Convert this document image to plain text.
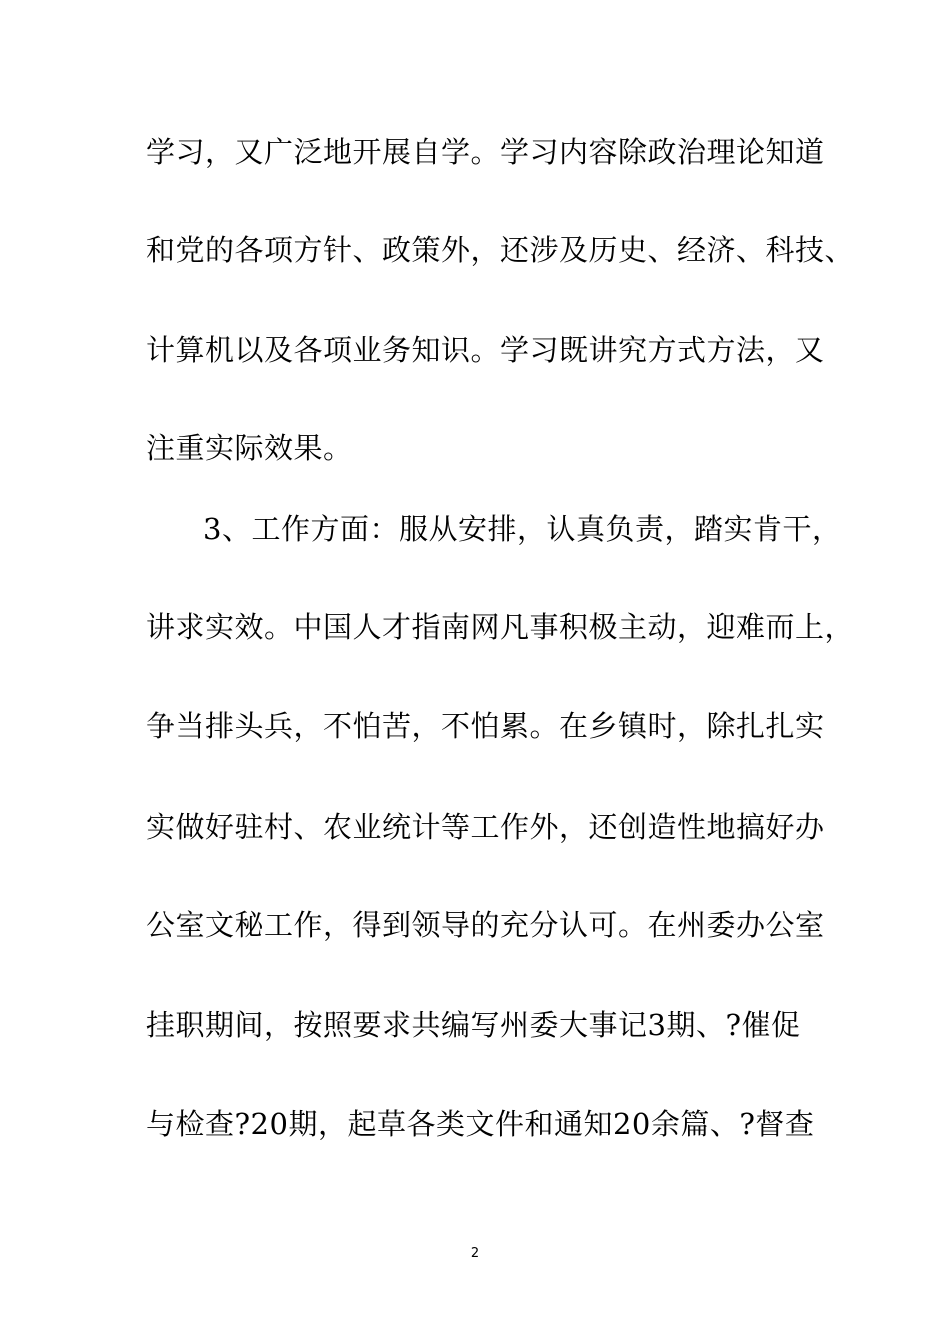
学习，又广泛地开展自学。学习内容除政治理论知道
和党的各项方针、政策外，还涉及历史、经济、科技、
计算机以及各项业务知识。学习既讲究方式方法，又
注重实际效果。
3、工作方面：服从安排，认真负责，踏实肯干，
讲求实效。中国人才指南网凡事积极主动，迎难而上，
争当排头兵，不怕苦，不怕累。在乡镇时，除扎扎实
实做好驻村、农业统计等工作外，还创造性地搞好办
公室文秘工作，得到领导的充分认可。在州委办公室
挂职期间，按照要求共编写州委大事记3期、?催促
与检查?20期，起草各类文件和通知20余篇、?督查
2
